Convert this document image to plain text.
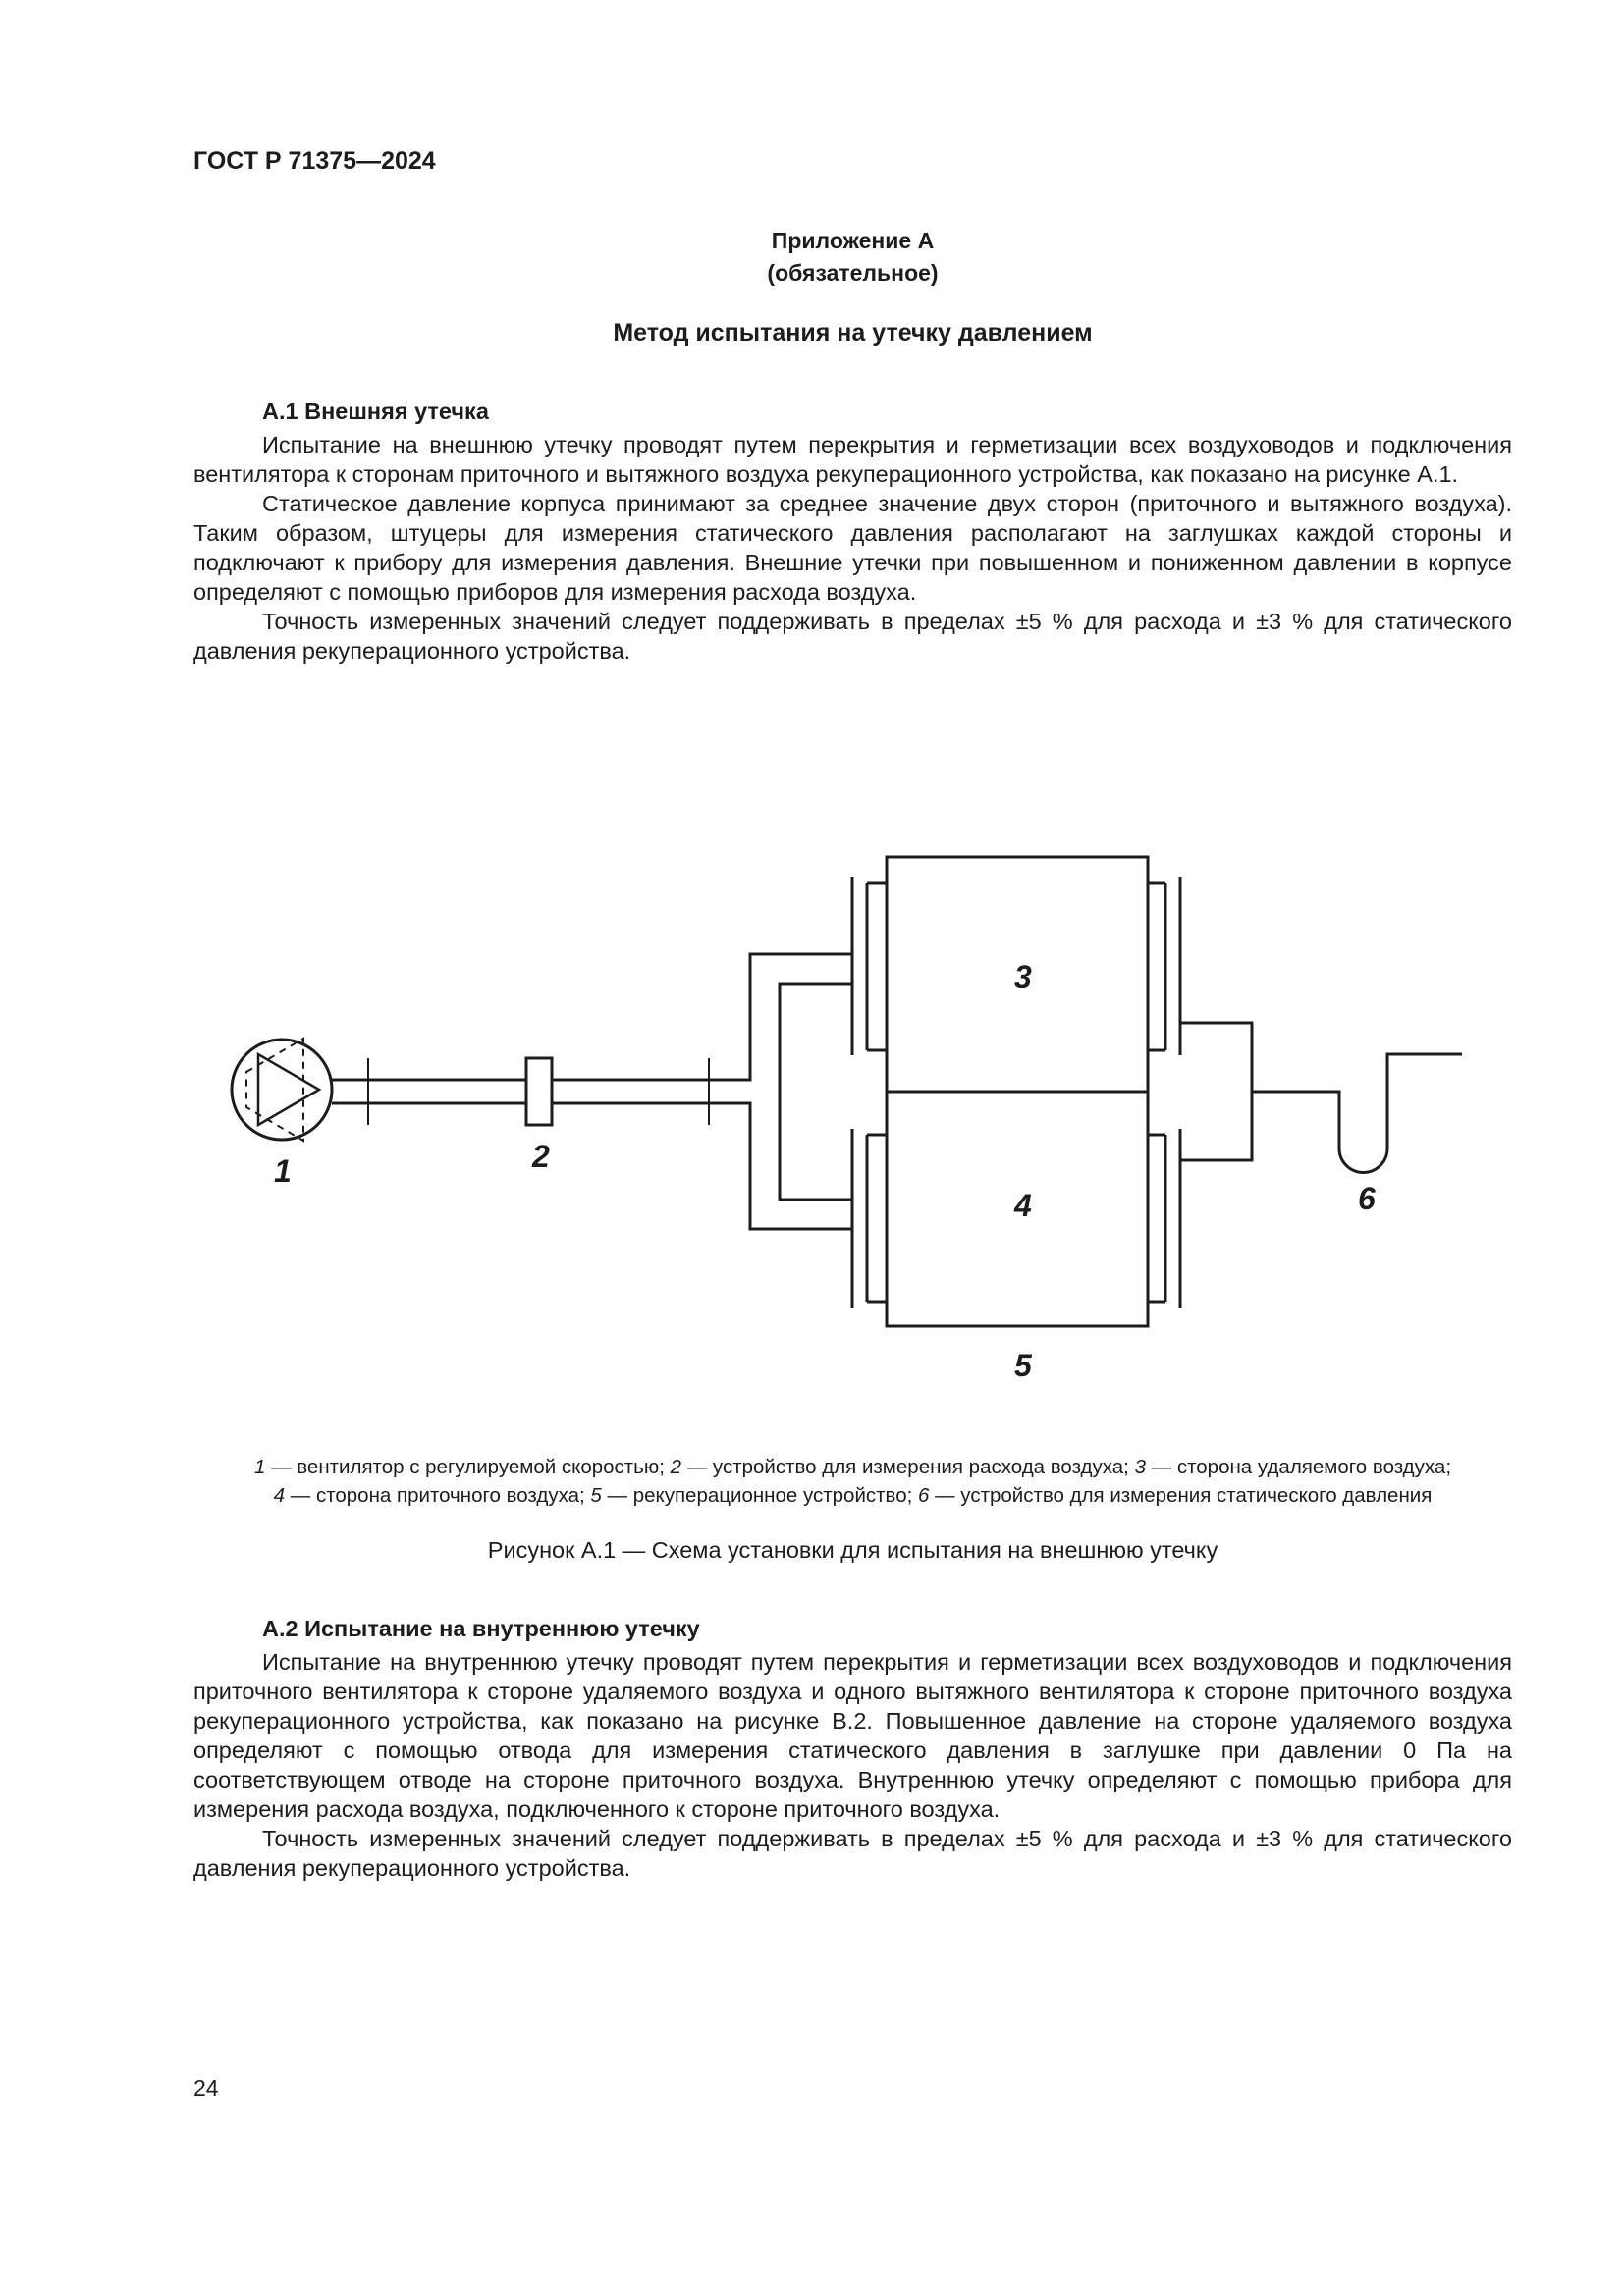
ГОСТ Р 71375—2024
Приложение А
(обязательное)
Метод испытания на утечку давлением
А.1 Внешняя утечка

Испытание на внешнюю утечку проводят путем перекрытия и герметизации всех воздуховодов и подключения вентилятора к сторонам приточного и вытяжного воздуха рекуперационного устройства, как показано на рисунке А.1.

Статическое давление корпуса принимают за среднее значение двух сторон (приточного и вытяжного воздуха). Таким образом, штуцеры для измерения статического давления располагают на заглушках каждой стороны и подключают к прибору для измерения давления. Внешние утечки при повышенном и пониженном давлении в корпусе определяют с помощью приборов для измерения расхода воздуха.

Точность измеренных значений следует поддерживать в пределах ±5 % для расхода и ±3 % для статического давления рекуперационного устройства.

1	2
3
4
5
6
1 — вентилятор с регулируемой скоростью; 2 — устройство для измерения расхода воздуха; 3 — сторона удаляемого воздуха;
4 — сторона приточного воздуха; 5 — рекуперационное устройство; 6 — устройство для измерения статического давления
Рисунок А.1 — Схема установки для испытания на внешнюю утечку
А.2 Испытание на внутреннюю утечку

Испытание на внутреннюю утечку проводят путем перекрытия и герметизации всех воздуховодов и подключения приточного вентилятора к стороне удаляемого воздуха и одного вытяжного вентилятора к стороне приточного воздуха рекуперационного устройства, как показано на рисунке В.2. Повышенное давление на стороне удаляемого воздуха определяют с помощью отвода для измерения статического давления в заглушке при давлении 0 Па на соответствующем отводе на стороне приточного воздуха. Внутреннюю утечку определяют с помощью прибора для измерения расхода воздуха, подключенного к стороне приточного воздуха.

Точность измеренных значений следует поддерживать в пределах ±5 % для расхода и ±3 % для статического давления рекуперационного устройства.

24
